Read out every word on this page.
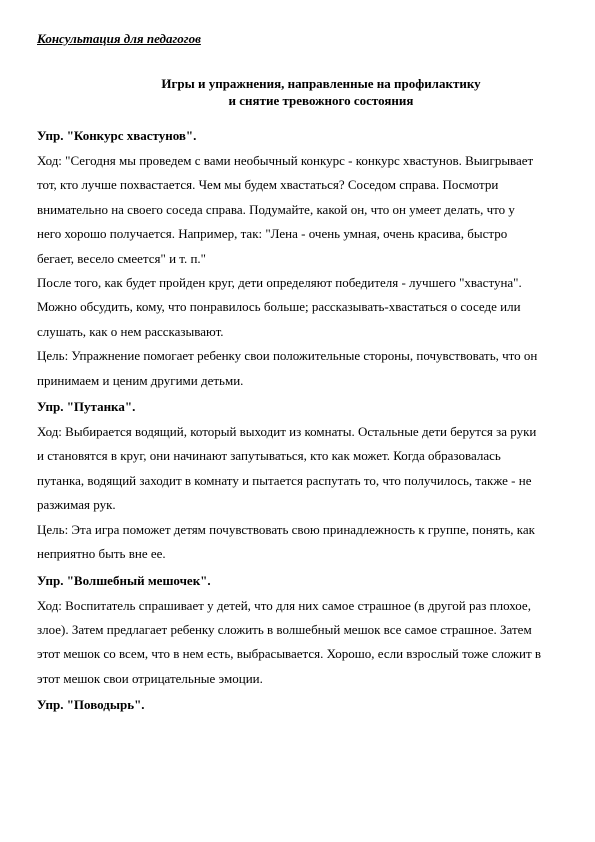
Консультация для педагогов
Игры и упражнения, направленные на профилактику
и снятие тревожного состояния
Упр. "Конкурс хвастунов".
Ход: "Сегодня мы проведем с вами необычный конкурс - конкурс хвастунов. Выигрывает
тот, кто лучше похвастается. Чем мы будем хвастаться? Соседом справа. Посмотри
внимательно на своего соседа справа. Подумайте, какой он, что он умеет делать, что у
него хорошо получается. Например, так: "Лена - очень умная, очень красива, быстро
бегает, весело смеется" и т. п."
После того, как будет пройден круг, дети определяют победителя - лучшего "хвастуна".
Можно обсудить, кому, что понравилось больше; рассказывать-хвастаться о соседе или
слушать, как о нем рассказывают.
Цель: Упражнение помогает ребенку свои положительные стороны, почувствовать, что он
принимаем и ценим другими детьми.
Упр. "Путанка".
Ход: Выбирается водящий, который выходит из комнаты. Остальные дети берутся за руки
и становятся в круг, они начинают запутываться, кто как может. Когда образовалась
путанка, водящий заходит в комнату и пытается распутать то, что получилось, также - не
разжимая рук.
Цель: Эта игра поможет детям почувствовать свою принадлежность к группе, понять, как
неприятно быть вне ее.
Упр. "Волшебный мешочек".
Ход: Воспитатель спрашивает у детей, что для них самое страшное (в другой раз плохое,
злое). Затем предлагает ребенку сложить в волшебный мешок все самое страшное. Затем
этот мешок со всем, что в нем есть, выбрасывается. Хорошо, если взрослый тоже сложит в
этот мешок свои отрицательные эмоции.
Упр. "Поводырь".
